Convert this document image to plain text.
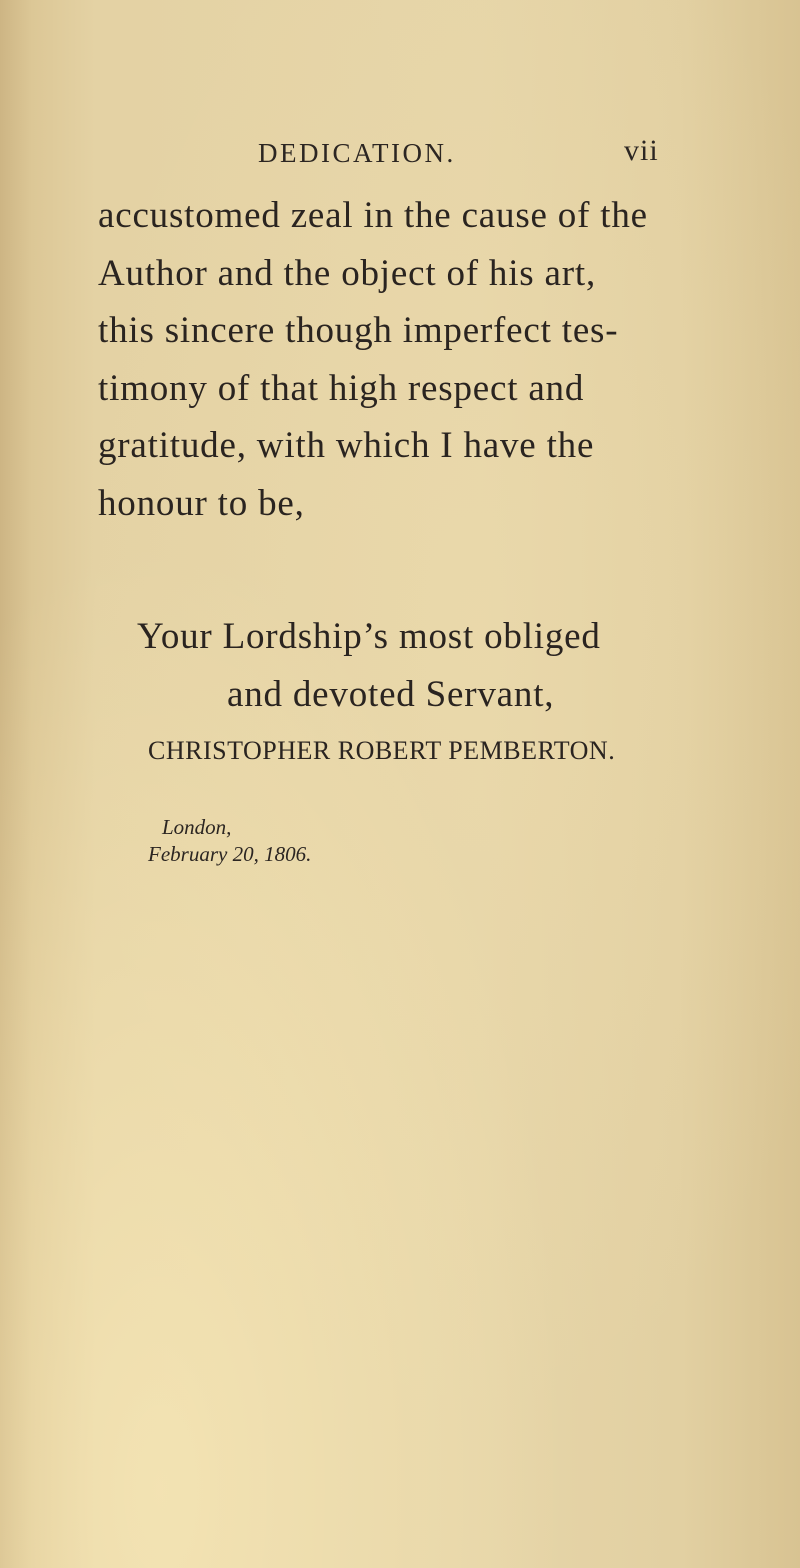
DEDICATION.	vii
accustomed zeal in the cause of the
Author and the object of his art,
this sincere though imperfect tes-
timony of that high respect and
gratitude, with which I have the
honour to be,
Your Lordship’s most obliged
and devoted Servant,
CHRISTOPHER ROBERT PEMBERTON.
London,
February 20, 1806.
